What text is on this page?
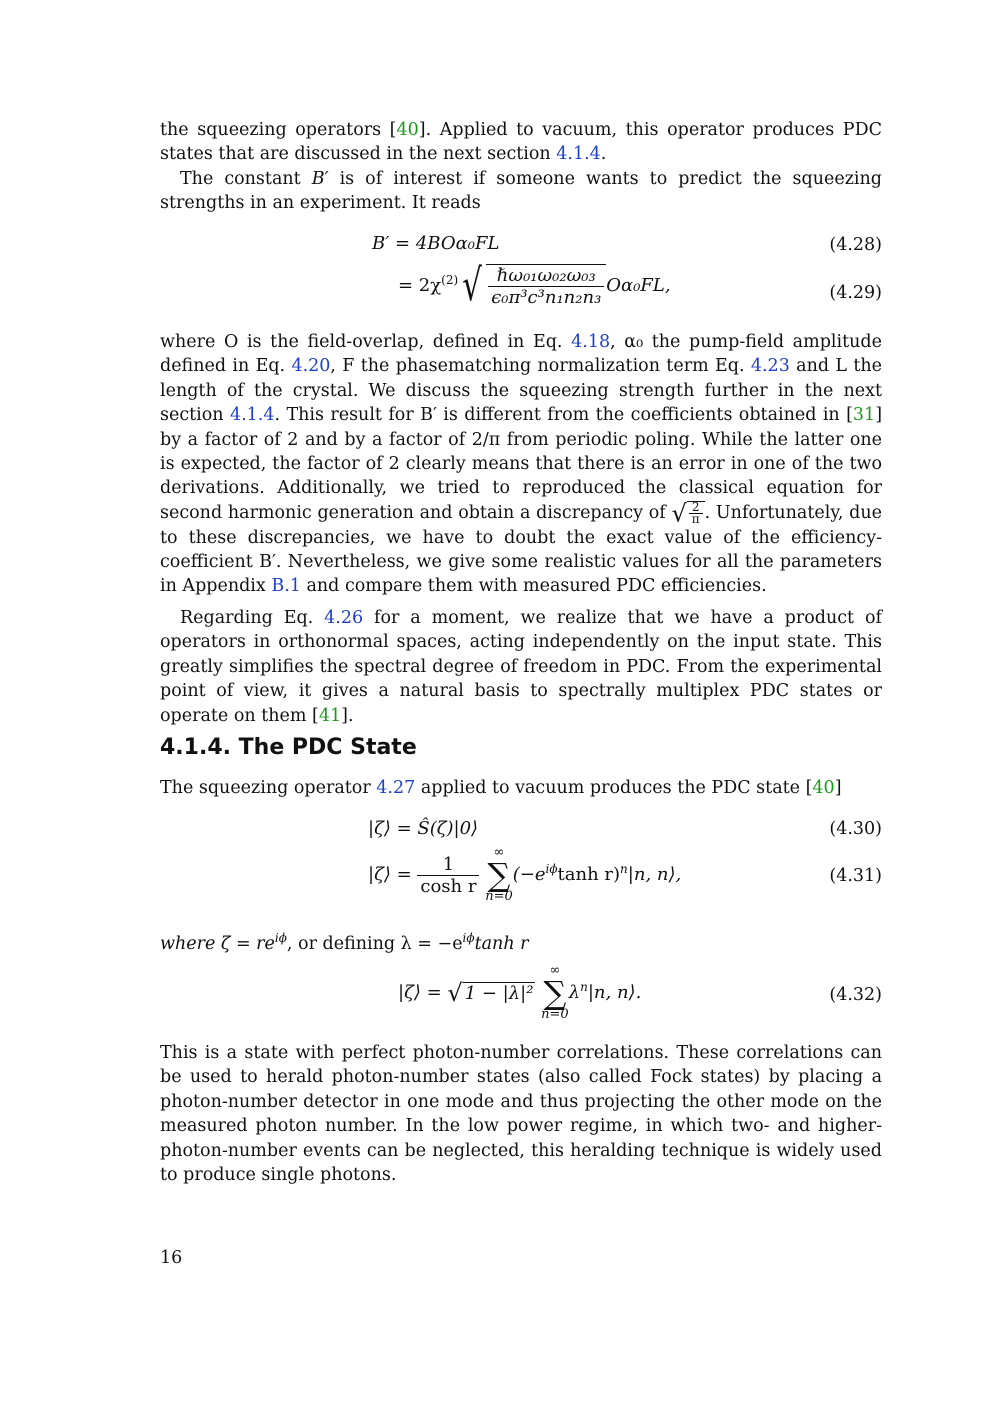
the squeezing operators [40]. Applied to vacuum, this operator produces PDC states that are discussed in the next section 4.1.4.
The constant B′ is of interest if someone wants to predict the squeezing strengths in an experiment. It reads
B′ = 4BOα₀FL	(4.28)
= $2\chi^{(2)}√ \frac{\text{ℏω₀₁ω₀₂ω₀₃}}{\text{ϵ₀π³c³n₁n₂n₃}} O\alpha_0FL$,	(4.29)
where O is the field-overlap, defined in Eq. 4.18, α₀ the pump-field amplitude defined in Eq. 4.20, F the phasematching normalization term Eq. 4.23 and L the length of the crystal. We discuss the squeezing strength further in the next section 4.1.4. This result for B′ is different from the coefficients obtained in [31] by a factor of 2 and by a factor of 2/π from periodic poling. While the latter one is expected, the factor of 2 clearly means that there is an error in one of the two derivations. Additionally, we tried to reproduced the classical equation for second harmonic generation and obtain a discrepancy of √ $\frac{2}{\pi}$ . Unfortunately, due to these discrepancies, we have to doubt the exact value of the efficiency-coefficient B′. Nevertheless, we give some realistic values for all the parameters in Appendix B.1 and compare them with measured PDC efficiencies.
Regarding Eq. 4.26 for a moment, we realize that we have a product of operators in orthonormal spaces, acting independently on the input state. This greatly simplifies the spectral degree of freedom in PDC. From the experimental point of view, it gives a natural basis to spectrally multiplex PDC states or operate on them [41].
4.1.4. The PDC State
The squeezing operator 4.27 applied to vacuum produces the PDC state [40]
|ζ⟩ = Ŝ(ζ)|0⟩	(4.30)
|ζ⟩ = $\frac{1}{\text{cosh r}}$
∞
∑
$n=0(-e^{i\phi}\tanh$ r)$^n$|n, n⟩,	(4.31)
where $\zeta = re^{i\phi}$, or defining $\lambda = -e^{i\phi}\tanh$ r
|ζ⟩ = √ 1 − |λ|² ∞
∑
$n=0\lambda^n|n$, n⟩.	(4.32)
This is a state with perfect photon-number correlations. These correlations can be used to herald photon-number states (also called Fock states) by placing a photon-number detector in one mode and thus projecting the other mode on the measured photon number. In the low power regime, in which two- and higher-photon-number events can be neglected, this heralding technique is widely used to produce single photons.
16
